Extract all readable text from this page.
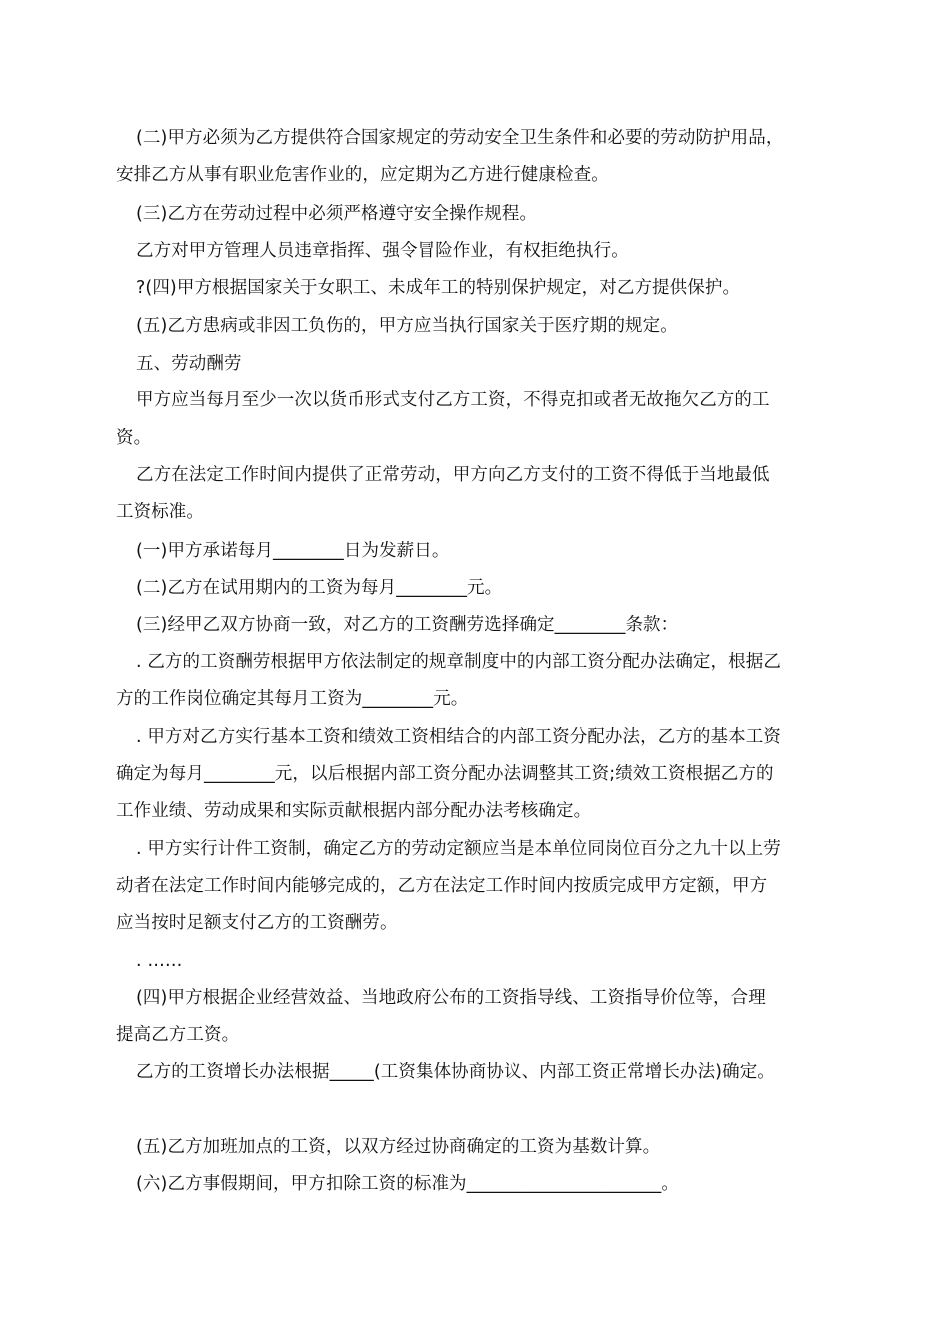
(二)甲方必须为乙方提供符合国家规定的劳动安全卫生条件和必要的劳动防护用品，
安排乙方从事有职业危害作业的，应定期为乙方进行健康检查。
(三)乙方在劳动过程中必须严格遵守安全操作规程。
乙方对甲方管理人员违章指挥、强令冒险作业，有权拒绝执行。
?(四)甲方根据国家关于女职工、未成年工的特别保护规定，对乙方提供保护。
(五)乙方患病或非因工负伤的，甲方应当执行国家关于医疗期的规定。
五、劳动酬劳
甲方应当每月至少一次以货币形式支付乙方工资，不得克扣或者无故拖欠乙方的工
资。
乙方在法定工作时间内提供了正常劳动，甲方向乙方支付的工资不得低于当地最低
工资标准。
(一)甲方承诺每月________日为发薪日。
(二)乙方在试用期内的工资为每月________元。
(三)经甲乙双方协商一致，对乙方的工资酬劳选择确定________条款：
. 乙方的工资酬劳根据甲方依法制定的规章制度中的内部工资分配办法确定，根据乙
方的工作岗位确定其每月工资为________元。
. 甲方对乙方实行基本工资和绩效工资相结合的内部工资分配办法，乙方的基本工资
确定为每月________元，以后根据内部工资分配办法调整其工资;绩效工资根据乙方的
工作业绩、劳动成果和实际贡献根据内部分配办法考核确定。
. 甲方实行计件工资制，确定乙方的劳动定额应当是本单位同岗位百分之九十以上劳
动者在法定工作时间内能够完成的，乙方在法定工作时间内按质完成甲方定额，甲方
应当按时足额支付乙方的工资酬劳。
. ……
(四)甲方根据企业经营效益、当地政府公布的工资指导线、工资指导价位等，合理
提高乙方工资。
乙方的工资增长办法根据_____(工资集体协商协议、内部工资正常增长办法)确定。
(五)乙方加班加点的工资，以双方经过协商确定的工资为基数计算。
(六)乙方事假期间，甲方扣除工资的标准为______________________。
